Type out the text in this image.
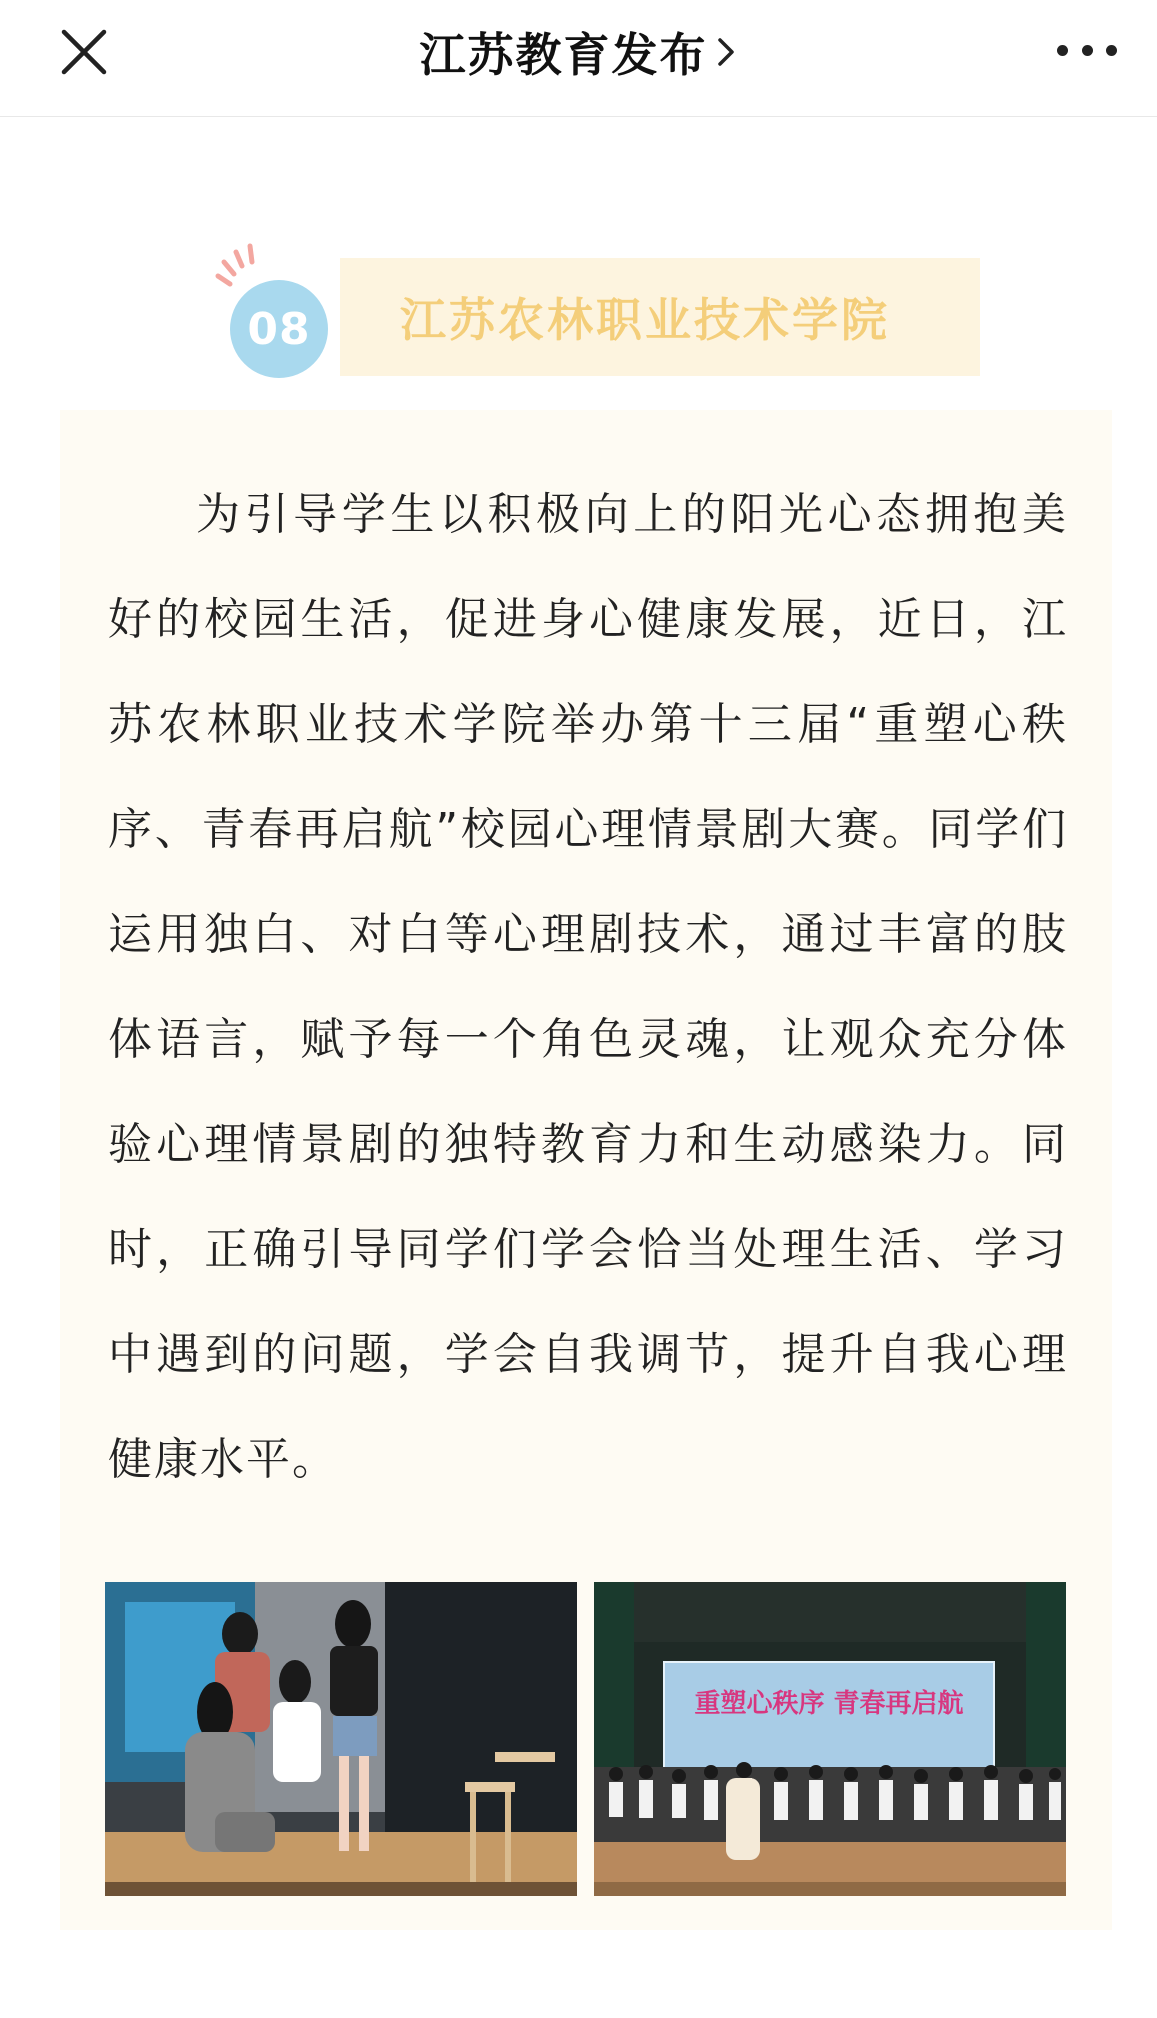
江苏教育发布
08	江苏农林职业技术学院

为引导学生以积极向上的阳光心态拥抱美好的校园生活，促进身心健康发展，近日，江苏农林职业技术学院举办第十三届“重塑心秩序、青春再启航”校园心理情景剧大赛。同学们运用独白、对白等心理剧技术，通过丰富的肢体语言，赋予每一个角色灵魂，让观众充分体验心理情景剧的独特教育力和生动感染力。同时，正确引导同学们学会恰当处理生活、学习中遇到的问题，学会自我调节，提升自我心理健康水平。

重塑心秩序 青春再启航
